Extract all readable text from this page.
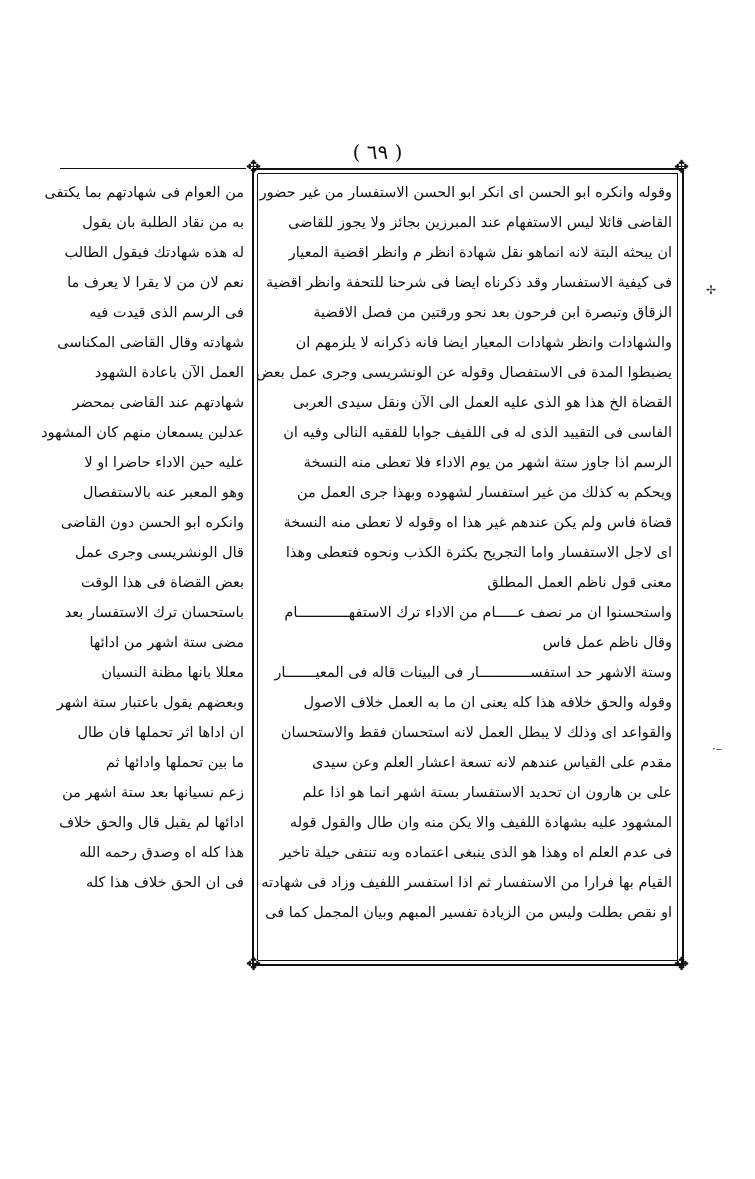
( ٦٩ )
✥	✥
✥	✥
✢
·–
وقوله وانكره ابو الحسن اى انكر ابو الحسن الاستفسار من غير حضور
القاضى قائلا ليس الاستفهام عند المبرزين بجائز ولا يجوز للقاضى
ان يبحثه البتة لانه انماهو نقل شهادة انظر م وانظر اقضية المعيار
فى كيفية الاستفسار وقد ذكرناه ايضا فى شرحنا للتحفة وانظر اقضية
الزقاق وتبصرة ابن فرحون بعد نحو ورقتين من فصل الاقضية
والشهادات وانظر شهادات المعيار ايضا فانه ذكرانه لا يلزمهم ان
يضبطوا المدة فى الاستفصال وقوله عن الونشريسى وجرى عمل بعض
القضاة الخ هذا هو الذى عليه العمل الى الآن ونقل سيدى العربى
الفاسى فى التقييد الذى له فى اللفيف جوابا للفقيه النالى وفيه ان
الرسم اذا جاوز ستة اشهر من يوم الاداء فلا تعطى منه النسخة
ويحكم به كذلك من غير استفسار لشهوده وبهذا جرى العمل من
قضاة فاس ولم يكن عندهم غير هذا اه وقوله لا تعطى منه النسخة
اى لاجل الاستفسار واما التجريح بكثرة الكذب ونحوه فتعطى وهذا
معنى قول ناظم العمل المطلق
واستحسنوا ان مر نصف عـــــام من الاداء ترك الاستفهــــــــــــام
وقال ناظم عمل فاس
وستة الاشهر حد استفســــــــــــار فى البينات قاله فى المعيـــــــار
وقوله والحق خلافه هذا كله يعنى ان ما به العمل خلاف الاصول
والقواعد اى وذلك لا يبطل العمل لانه استحسان فقط والاستحسان
مقدم على القياس عندهم لانه تسعة اعشار العلم وعن سيدى
على بن هارون ان تحديد الاستفسار بستة اشهر انما هو اذا علم
المشهود عليه بشهادة اللفيف والا يكن منه وان طال والقول قوله
فى عدم العلم اه وهذا هو الذى ينبغى اعتماده وبه تنتفى حيلة تاخير
القيام بها فرارا من الاستفسار ثم اذا استفسر اللفيف وزاد فى شهادته
او نقص بطلت وليس من الزيادة تفسير المبهم وبيان المجمل كما فى
من العوام فى شهادتهم بما يكتفى
به من نقاد الطلبة بان يقول
له هذه شهادتك فيقول الطالب
نعم لان من لا يقرا لا يعرف ما
فى الرسم الذى قيدت فيه
شهادته وقال القاضى المكناسى
العمل الآن باعادة الشهود
شهادتهم عند القاضى بمحضر
عدلين يسمعان منهم كان المشهود
عليه حين الاداء حاضرا او لا
وهو المعبر عنه بالاستفصال
وانكره ابو الحسن دون القاضى
قال الونشريسى وجرى عمل
بعض القضاة فى هذا الوقت
باستحسان ترك الاستفسار بعد
مضى ستة اشهر من ادائها
معللا بانها مظنة النسيان
وبعضهم يقول باعتبار ستة اشهر
ان اداها اثر تحملها فان طال
ما بين تحملها وادائها ثم
زعم نسيانها بعد ستة اشهر من
ادائها لم يقبل قال والحق خلاف
هذا كله اه وصدق رحمه الله
فى ان الحق خلاف هذا كله
